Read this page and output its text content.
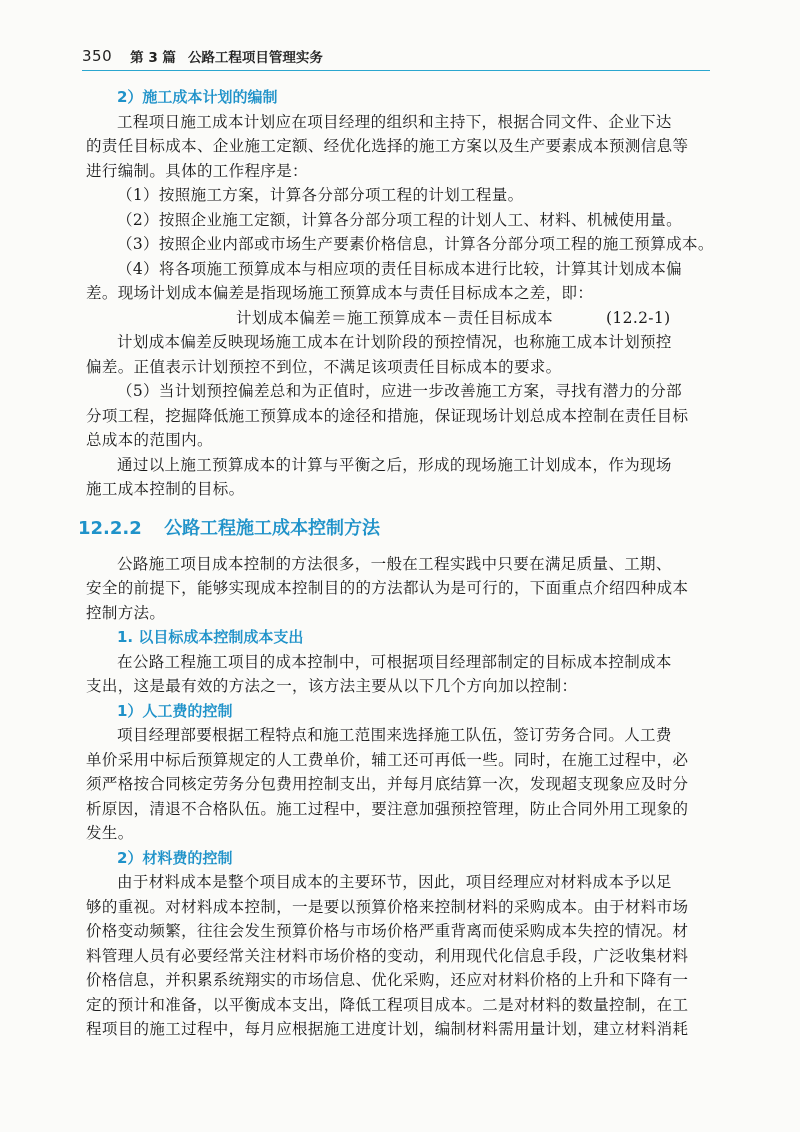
350 第 3 篇 公路工程项目管理实务

2）施工成本计划的编制

工程项日施工成本计划应在项目经理的组织和主持下，根据合同文件、企业下达

的责任目标成本、企业施工定额、经优化选择的施工方案以及生产要素成本预测信息等

进行编制。具体的工作程序是：

（1）按照施工方案，计算各分部分项工程的计划工程量。

（2）按照企业施工定额，计算各分部分项工程的计划人工、材料、机械使用量。

（3）按照企业内部或市场生产要素价格信息，计算各分部分项工程的施工预算成本。

（4）将各项施工预算成本与相应项的责任目标成本进行比较，计算其计划成本偏

差。现场计划成本偏差是指现场施工预算成本与责任目标成本之差，即：

计划成本偏差＝施工预算成本－责任目标成本	(12.2-1)

计划成本偏差反映现场施工成本在计划阶段的预控情况，也称施工成本计划预控

偏差。正值表示计划预控不到位，不满足该项责任目标成本的要求。

（5）当计划预控偏差总和为正值时，应进一步改善施工方案，寻找有潜力的分部

分项工程，挖掘降低施工预算成本的途径和措施，保证现场计划总成本控制在责任目标

总成本的范围内。

通过以上施工预算成本的计算与平衡之后，形成的现场施工计划成本，作为现场

施工成本控制的目标。

12.2.2 公路工程施工成本控制方法

公路施工项目成本控制的方法很多，一般在工程实践中只要在满足质量、工期、

安全的前提下，能够实现成本控制目的的方法都认为是可行的，下面重点介绍四种成本

控制方法。

1. 以目标成本控制成本支出

在公路工程施工项目的成本控制中，可根据项目经理部制定的目标成本控制成本

支出，这是最有效的方法之一，该方法主要从以下几个方向加以控制：

1）人工费的控制

项目经理部要根据工程特点和施工范围来选择施工队伍，签订劳务合同。人工费

单价采用中标后预算规定的人工费单价，辅工还可再低一些。同时，在施工过程中，必

须严格按合同核定劳务分包费用控制支出，并每月底结算一次，发现超支现象应及时分

析原因，清退不合格队伍。施工过程中，要注意加强预控管理，防止合同外用工现象的

发生。

2）材料费的控制

由于材料成本是整个项目成本的主要环节，因此，项目经理应对材料成本予以足

够的重视。对材料成本控制，一是要以预算价格来控制材料的采购成本。由于材料市场

价格变动频繁，往往会发生预算价格与市场价格严重背离而使采购成本失控的情况。材

料管理人员有必要经常关注材料市场价格的变动，利用现代化信息手段，广泛收集材料

价格信息，并积累系统翔实的市场信息、优化采购，还应对材料价格的上升和下降有一

定的预计和准备，以平衡成本支出，降低工程项目成本。二是对材料的数量控制，在工

程项目的施工过程中，每月应根据施工进度计划，编制材料需用量计划，建立材料消耗
